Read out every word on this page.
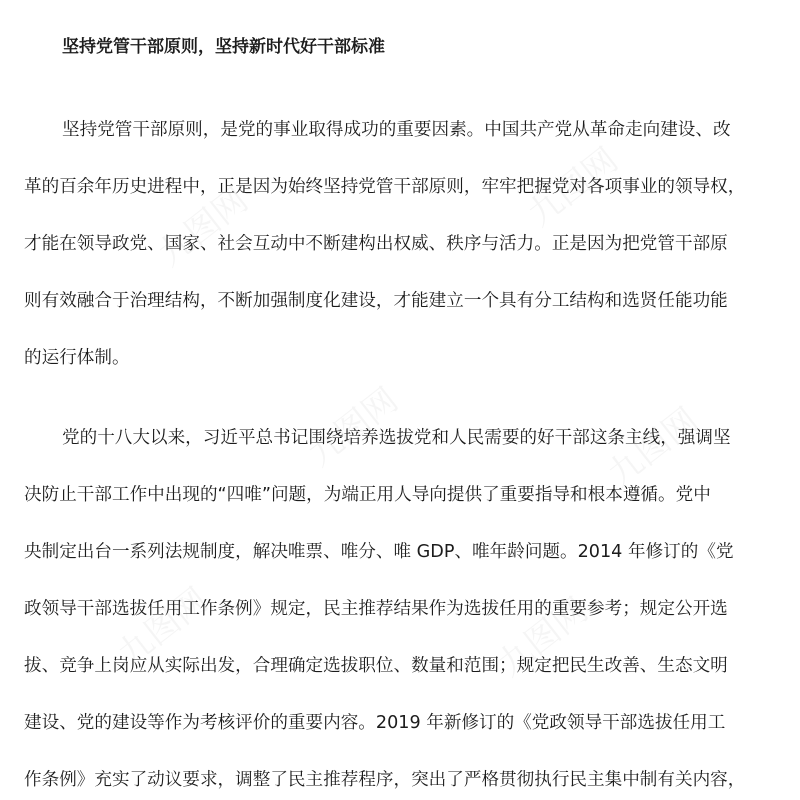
九图网
九图网
九图网	九图网
九图网	九图网
坚持党管干部原则，坚持新时代好干部标准
坚持党管干部原则，是党的事业取得成功的重要因素。中国共产党从革命走向建设、改
革的百余年历史进程中，正是因为始终坚持党管干部原则，牢牢把握党对各项事业的领导权，
才能在领导政党、国家、社会互动中不断建构出权威、秩序与活力。正是因为把党管干部原
则有效融合于治理结构，不断加强制度化建设，才能建立一个具有分工结构和选贤任能功能
的运行体制。
党的十八大以来，习近平总书记围绕培养选拔党和人民需要的好干部这条主线，强调坚
决防止干部工作中出现的“四唯”问题，为端正用人导向提供了重要指导和根本遵循。党中
央制定出台一系列法规制度，解决唯票、唯分、唯 GDP、唯年龄问题。2014 年修订的《党
政领导干部选拔任用工作条例》规定，民主推荐结果作为选拔任用的重要参考；规定公开选
拔、竞争上岗应从实际出发，合理确定选拔职位、数量和范围；规定把民生改善、生态文明
建设、党的建设等作为考核评价的重要内容。2019 年新修订的《党政领导干部选拔任用工
作条例》充实了动议要求，调整了民主推荐程序，突出了严格贯彻执行民主集中制有关内容，
